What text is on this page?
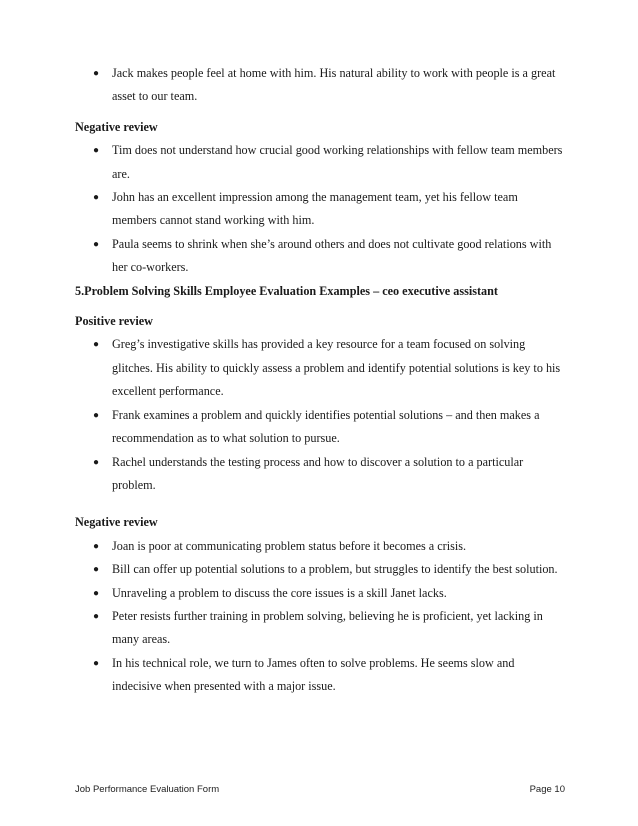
● Jack makes people feel at home with him. His natural ability to work with people is a great asset to our team.

Negative review

● Tim does not understand how crucial good working relationships with fellow team members are.
● John has an excellent impression among the management team, yet his fellow team members cannot stand working with him.
● Paula seems to shrink when she’s around others and does not cultivate good relations with her co-workers.

5.Problem Solving Skills Employee Evaluation Examples – ceo executive assistant

Positive review

● Greg’s investigative skills has provided a key resource for a team focused on solving glitches. His ability to quickly assess a problem and identify potential solutions is key to his excellent performance.
● Frank examines a problem and quickly identifies potential solutions – and then makes a recommendation as to what solution to pursue.
● Rachel understands the testing process and how to discover a solution to a particular problem.

Negative review

● Joan is poor at communicating problem status before it becomes a crisis.
● Bill can offer up potential solutions to a problem, but struggles to identify the best solution.
● Unraveling a problem to discuss the core issues is a skill Janet lacks.
● Peter resists further training in problem solving, believing he is proficient, yet lacking in many areas.
● In his technical role, we turn to James often to solve problems. He seems slow and indecisive when presented with a major issue.
Job Performance Evaluation Form	Page 10
